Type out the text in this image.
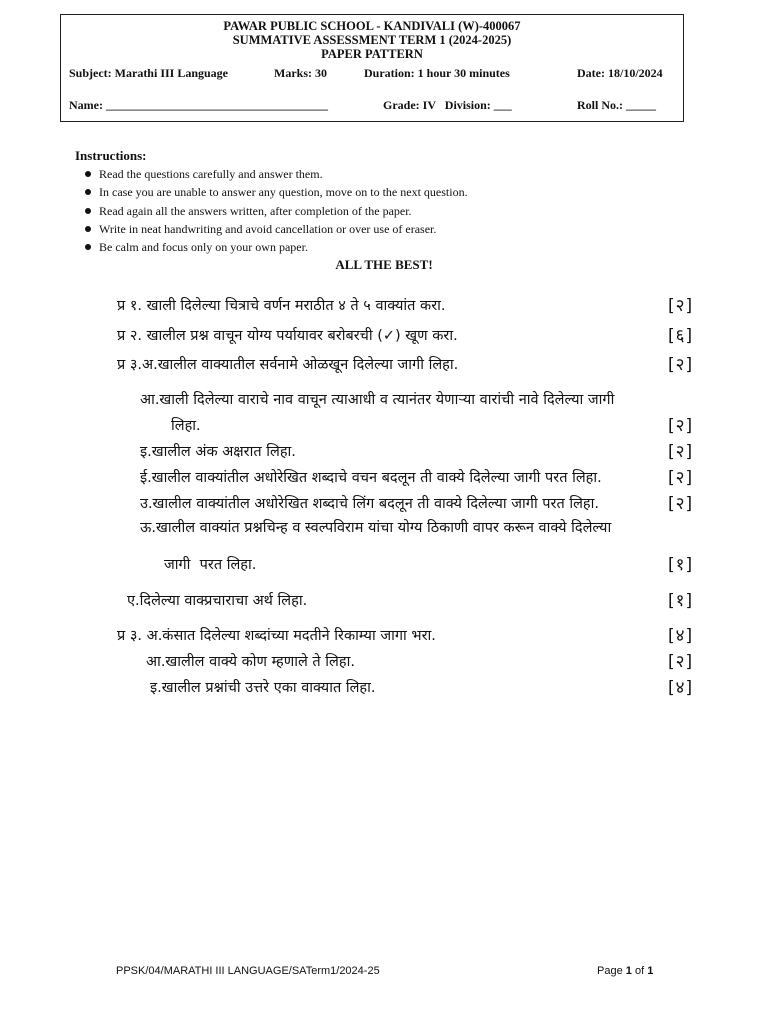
PAWAR PUBLIC SCHOOL - KANDIVALI (W)-400067
SUMMATIVE ASSESSMENT TERM 1 (2024-2025)
PAPER PATTERN
Subject: Marathi III Language	Marks: 30	Duration: 1 hour 30 minutes	Date: 18/10/2024
Name: _____________________________________	Grade: IV   Division: ___	Roll No.: _____
Instructions:
Read the questions carefully and answer them.
In case you are unable to answer any question, move on to the next question.
Read again all the answers written, after completion of the paper.
Write in neat handwriting and avoid cancellation or over use of eraser.
Be calm and focus only on your own paper.
ALL THE BEST!
प्र १. खाली दिलेल्या चित्राचे वर्णन मराठीत ४ ते ५ वाक्यांत करा.	[२]
प्र २. खालील प्रश्न वाचून योग्य पर्यायावर बरोबरची (✓) खूण करा.	[६]
प्र ३.अ.खालील वाक्यातील सर्वनामे ओळखून दिलेल्या जागी लिहा.	[२]
आ.खाली दिलेल्या वाराचे नाव वाचून त्याआधी व त्यानंतर येणाऱ्या वारांची नावे दिलेल्या जागी
लिहा.	[२]
इ.खालील अंक अक्षरात लिहा.	[२]
ई.खालील वाक्यांतील अधोरेखित शब्दाचे वचन बदलून ती वाक्ये दिलेल्या जागी परत लिहा.	[२]
उ.खालील वाक्यांतील अधोरेखित शब्दाचे लिंग बदलून ती वाक्ये दिलेल्या जागी परत लिहा.	[२]
ऊ.खालील वाक्यांत प्रश्नचिन्ह व स्वल्पविराम यांचा योग्य ठिकाणी वापर करून वाक्ये दिलेल्या
जागी  परत लिहा.	[१]
ए.दिलेल्या वाक्प्रचाराचा अर्थ लिहा.	[१]
प्र ३. अ.कंसात दिलेल्या शब्दांच्या मदतीने रिकाम्या जागा भरा.	[४]
आ.खालील वाक्ये कोण म्हणाले ते लिहा.	[२]
इ.खालील प्रश्नांची उत्तरे एका वाक्यात लिहा.	[४]
PPSK/04/MARATHI III LANGUAGE/SATerm1/2024-25	Page 1 of 1
